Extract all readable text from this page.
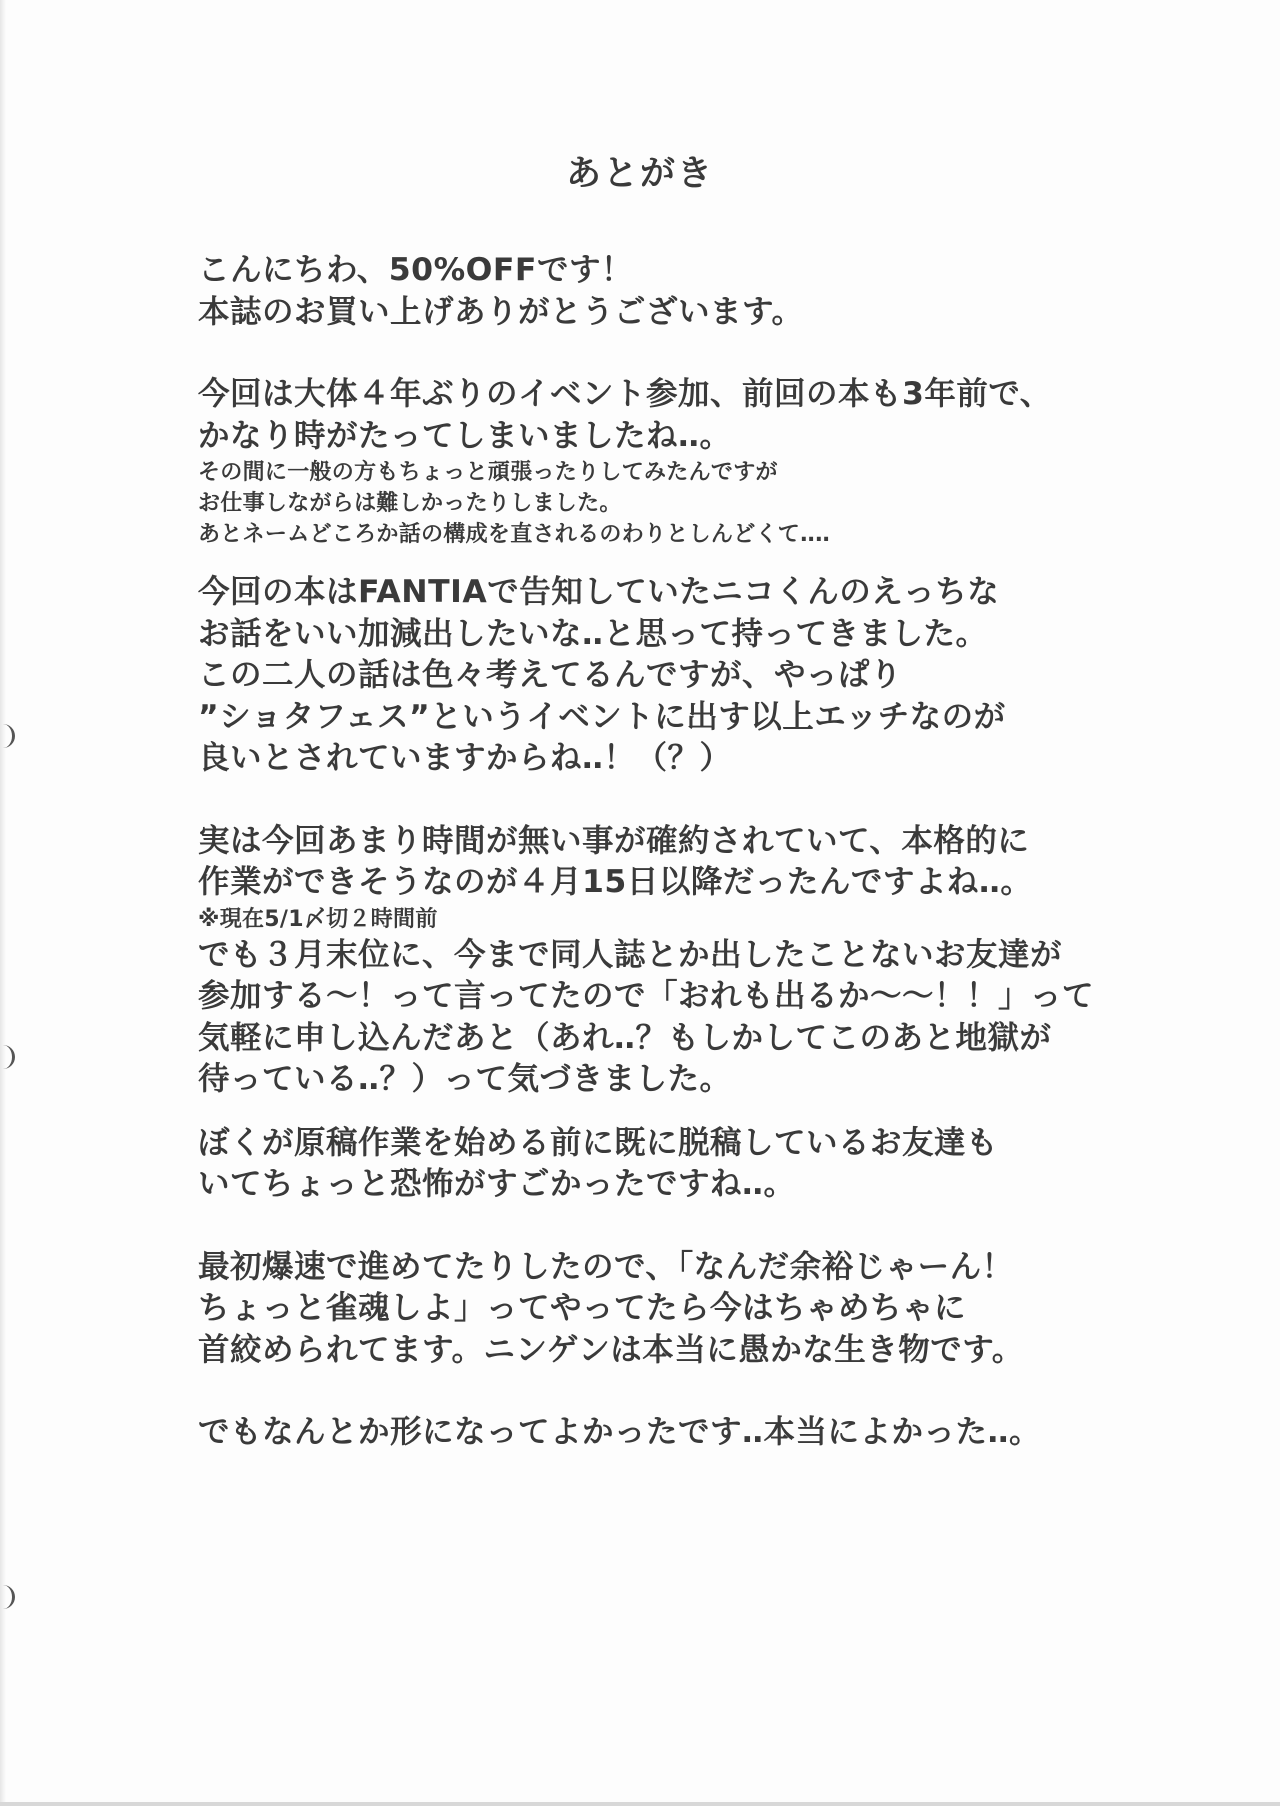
あとがき
こんにちわ、50%OFFです！
本誌のお買い上げありがとうございます。
今回は大体４年ぶりのイベント参加、前回の本も3年前で、
かなり時がたってしまいましたね‥。
その間に一般の方もちょっと頑張ったりしてみたんですが
お仕事しながらは難しかったりしました。
あとネームどころか話の構成を直されるのわりとしんどくて‥‥
今回の本はFANTIAで告知していたニコくんのえっちな
お話をいい加減出したいな‥と思って持ってきました。
この二人の話は色々考えてるんですが、やっぱり
”ショタフェス”というイベントに出す以上エッチなのが
良いとされていますからね‥！（？）
実は今回あまり時間が無い事が確約されていて、本格的に
作業ができそうなのが４月15日以降だったんですよね‥。
※現在5/1〆切２時間前
でも３月末位に、今まで同人誌とか出したことないお友達が
参加する～！って言ってたので「おれも出るか～～！！」って
気軽に申し込んだあと（あれ‥？もしかしてこのあと地獄が
待っている‥？）って気づきました。
ぼくが原稿作業を始める前に既に脱稿しているお友達も
いてちょっと恐怖がすごかったですね‥。
最初爆速で進めてたりしたので、「なんだ余裕じゃーん！
ちょっと雀魂しよ」ってやってたら今はちゃめちゃに
首絞められてます。ニンゲンは本当に愚かな生き物です。
でもなんとか形になってよかったです‥本当によかった‥。
